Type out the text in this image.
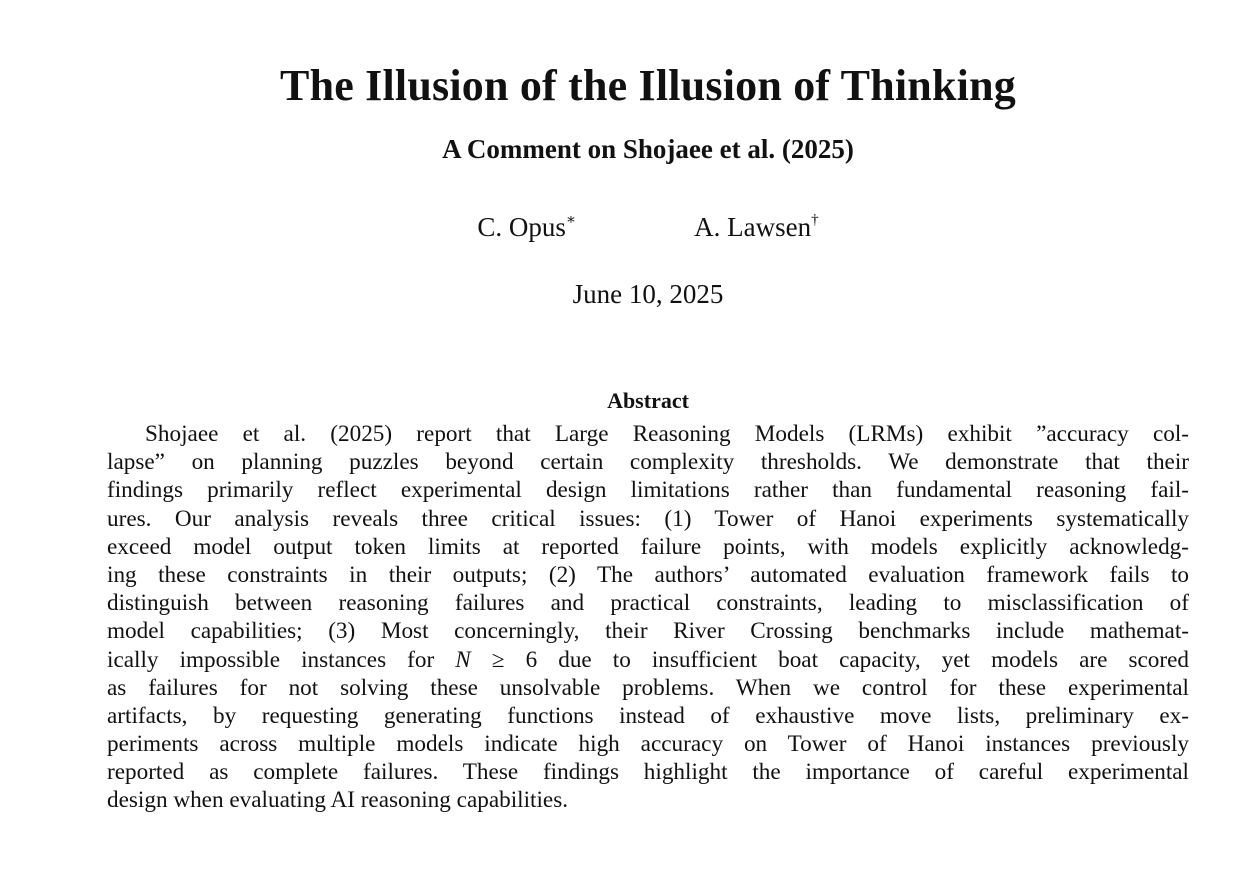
The Illusion of the Illusion of Thinking
A Comment on Shojaee et al. (2025)
C. Opus∗	A. Lawsen†
June 10, 2025
Abstract
Shojaee et al. (2025) report that Large Reasoning Models (LRMs) exhibit ”accuracy col-
lapse” on planning puzzles beyond certain complexity thresholds. We demonstrate that their
findings primarily reflect experimental design limitations rather than fundamental reasoning fail-
ures. Our analysis reveals three critical issues: (1) Tower of Hanoi experiments systematically
exceed model output token limits at reported failure points, with models explicitly acknowledg-
ing these constraints in their outputs; (2) The authors’ automated evaluation framework fails to
distinguish between reasoning failures and practical constraints, leading to misclassification of
model capabilities; (3) Most concerningly, their River Crossing benchmarks include mathemat-
ically impossible instances for N ≥ 6 due to insufficient boat capacity, yet models are scored
as failures for not solving these unsolvable problems. When we control for these experimental
artifacts, by requesting generating functions instead of exhaustive move lists, preliminary ex-
periments across multiple models indicate high accuracy on Tower of Hanoi instances previously
reported as complete failures. These findings highlight the importance of careful experimental
design when evaluating AI reasoning capabilities.
